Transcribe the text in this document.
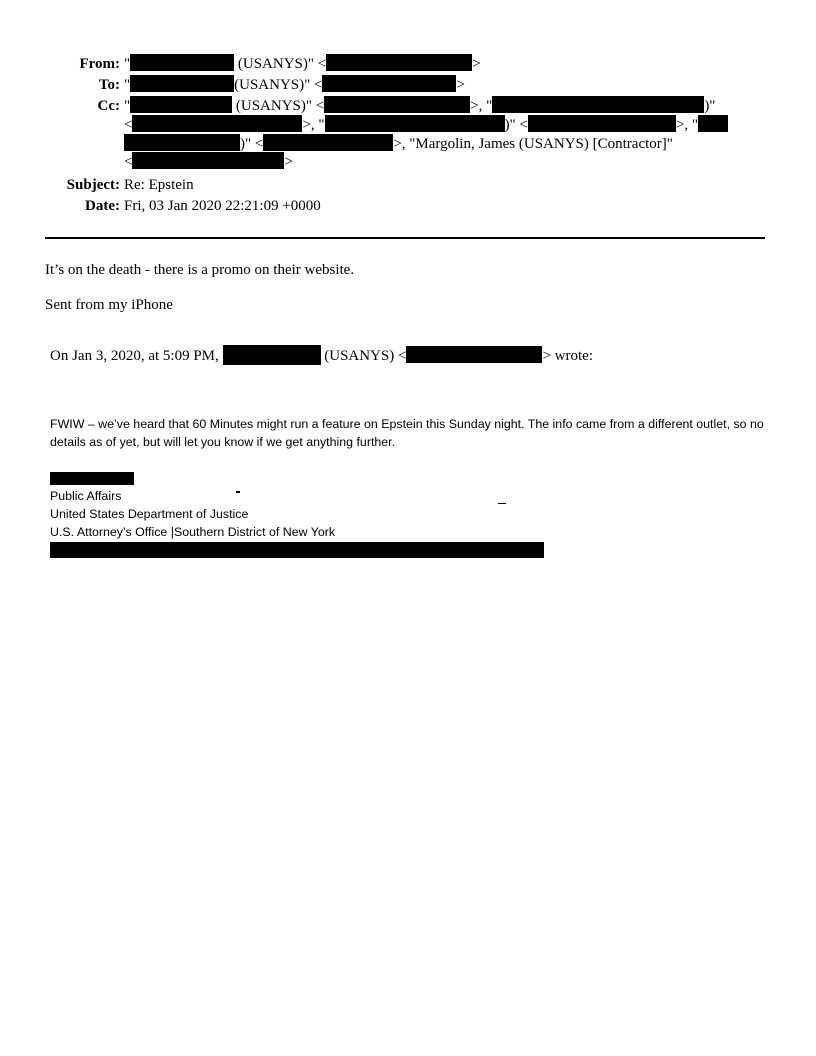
From: "	(USANYS)" <	>
To: "	(USANYS)" <	>
Cc: "	(USANYS)" <	>, "	)"
<	>, "	)" <	>, "
)" <	>, "Margolin, James (USANYS) [Contractor]"
<	>
Subject: Re: Epstein
Date: Fri, 03 Jan 2020 22:21:09 +0000
It’s on the death - there is a promo on their website.
Sent from my iPhone
On Jan 3, 2020, at 5:09 PM,	(USANYS) <	> wrote:
FWIW – we’ve heard that 60 Minutes might run a feature on Epstein this Sunday night. The info came from a different outlet, so no details as of yet, but will let you know if we get anything further.
Public Affairs
United States Department of Justice
U.S. Attorney’s Office |Southern District of New York
